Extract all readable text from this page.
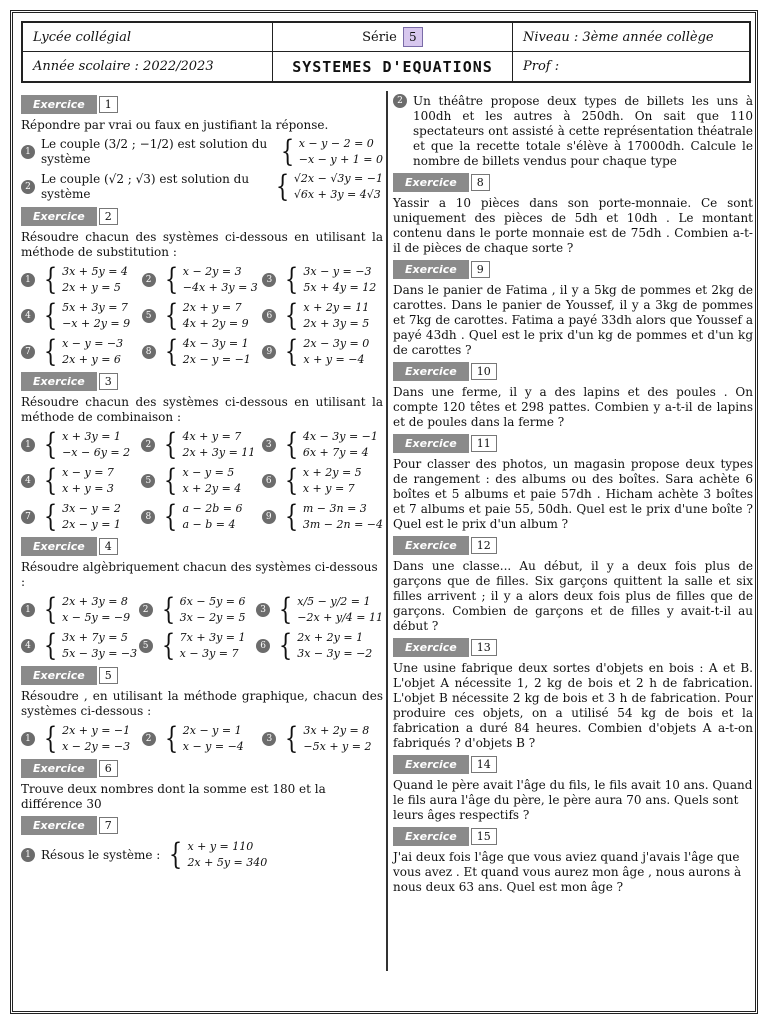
Lycée collégial	Série	5	Niveau : 3ème année collège
Année scolaire : 2022/2023	SYSTEMES D'EQUATIONS	Prof :
Exercice	1

Répondre par vrai ou faux en justifiant la réponse.

1
Le couple (3/2 ; −1/2) est solution du système	{ x − y − 2 = 0
−x − y + 1 = 0
2
Le couple (√2 ; √3) est solution du système	{ √2x − √3y = −1
√6x + 3y = 4√3
Exercice	2

Résoudre chacun des systèmes ci-dessous en utilisant la méthode de substitution :

1 { 3x + 5y = 4
2x + y = 5
2 { x − 2y = 3
−4x + 3y = 3
3 { 3x − y = −3
5x + 4y = 12
4 { 5x + 3y = 7
−x + 2y = 9
5 { 2x + y = 7
4x + 2y = 9
6 { x + 2y = 11
2x + 3y = 5
7 { x − y = −3
2x + y = 6
8 { 4x − 3y = 1
2x − y = −1
9 { 2x − 3y = 0
x + y = −4
Exercice	3

Résoudre chacun des systèmes ci-dessous en utilisant la méthode de combinaison :

1 { x + 3y = 1
−x − 6y = 2
2 { 4x + y = 7
2x + 3y = 11
3 { 4x − 3y = −1
6x + 7y = 4
4 { x − y = 7
x + y = 3
5 { x − y = 5
x + 2y = 4
6 { x + 2y = 5
x + y = 7
7 { 3x − y = 2
2x − y = 1
8 { a − 2b = 6
a − b = 4
9 { m − 3n = 3
3m − 2n = −4
Exercice	4

Résoudre algèbriquement chacun des systèmes ci-dessous :

1 { 2x + 3y = 8
x − 5y = −9
2 { 6x − 5y = 6
3x − 2y = 5
3 { x/5 − y/2 = 1
−2x + y/4 = 11
4 { 3x + 7y = 5
5x − 3y = −3
5 { 7x + 3y = 1
x − 3y = 7
6 { 2x + 2y = 1
3x − 3y = −2
Exercice	5

Résoudre , en utilisant la méthode graphique, chacun des systèmes ci-dessous :

1 { 2x + y = −1
x − 2y = −3
2 { 2x − y = 1
x − y = −4
3 { 3x + 2y = 8
−5x + y = 2
Exercice	6

Trouve deux nombres dont la somme est 180 et la différence 30

Exercice	7
1 Résous le système : { x + y = 110
2x + 5y = 340
2 Un théâtre propose deux types de billets les uns à 100dh et les autres à 250dh. On sait que 110 spectateurs ont assisté à cette représentation théatrale et que la recette totale s'élève à 17000dh. Calcule le nombre de billets vendus pour chaque type
Exercice	8

Yassir a 10 pièces dans son porte-monnaie. Ce sont uniquement des pièces de 5dh et 10dh . Le montant contenu dans le porte monnaie est de 75dh . Combien a-t-il de pièces de chaque sorte ?

Exercice	9

Dans le panier de Fatima , il y a 5kg de pommes et 2kg de carottes. Dans le panier de Youssef, il y a 3kg de pommes et 7kg de carottes. Fatima a payé 33dh alors que Youssef a payé 43dh . Quel est le prix d'un kg de pommes et d'un kg de carottes ?

Exercice	10

Dans une ferme, il y a des lapins et des poules . On compte 120 têtes et 298 pattes. Combien y a-t-il de lapins et de poules dans la ferme ?

Exercice	11

Pour classer des photos, un magasin propose deux types de rangement : des albums ou des boîtes. Sara achète 6 boîtes et 5 albums et paie 57dh . Hicham achète 3 boîtes et 7 albums et paie 55, 50dh. Quel est le prix d'une boîte ? Quel est le prix d'un album ?

Exercice	12

Dans une classe... Au début, il y a deux fois plus de garçons que de filles. Six garçons quittent la salle et six filles arrivent ; il y a alors deux fois plus de filles que de garçons. Combien de garçons et de filles y avait-t-il au début ?

Exercice	13

Une usine fabrique deux sortes d'objets en bois : A et B. L'objet A nécessite 1, 2 kg de bois et 2 h de fabrication. L'objet B nécessite 2 kg de bois et 3 h de fabrication. Pour produire ces objets, on a utilisé 54 kg de bois et la fabrication a duré 84 heures. Combien d'objets A a-t-on fabriqués ? d'objets B ?

Exercice	14

Quand le père avait l'âge du fils, le fils avait 10 ans. Quand le fils aura l'âge du père, le père aura 70 ans. Quels sont leurs âges respectifs ?

Exercice	15

J'ai deux fois l'âge que vous aviez quand j'avais l'âge que vous avez . Et quand vous aurez mon âge , nous aurons à nous deux 63 ans. Quel est mon âge ?
